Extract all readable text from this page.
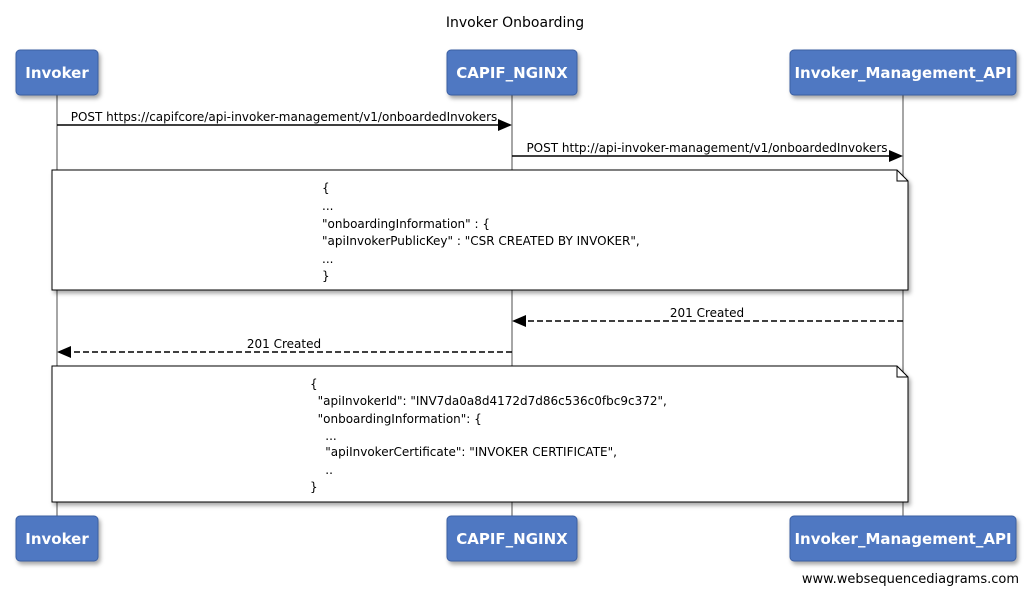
Invoker Onboarding
Invoker	CAPIF_NGINX	Invoker_Management_API
POST https://capifcore/api-invoker-management/v1/onboardedInvokers
POST http://api-invoker-management/v1/onboardedInvokers
{
...
"onboardingInformation" : {
"apiInvokerPublicKey" : "CSR CREATED BY INVOKER",
...
}
201 Created
201 Created
{
"apiInvokerId": "INV7da0a8d4172d7d86c536c0fbc9c372",
"onboardingInformation": {
...
"apiInvokerCertificate": "INVOKER CERTIFICATE",
..
}
Invoker	CAPIF_NGINX	Invoker_Management_API
www.websequencediagrams.com
